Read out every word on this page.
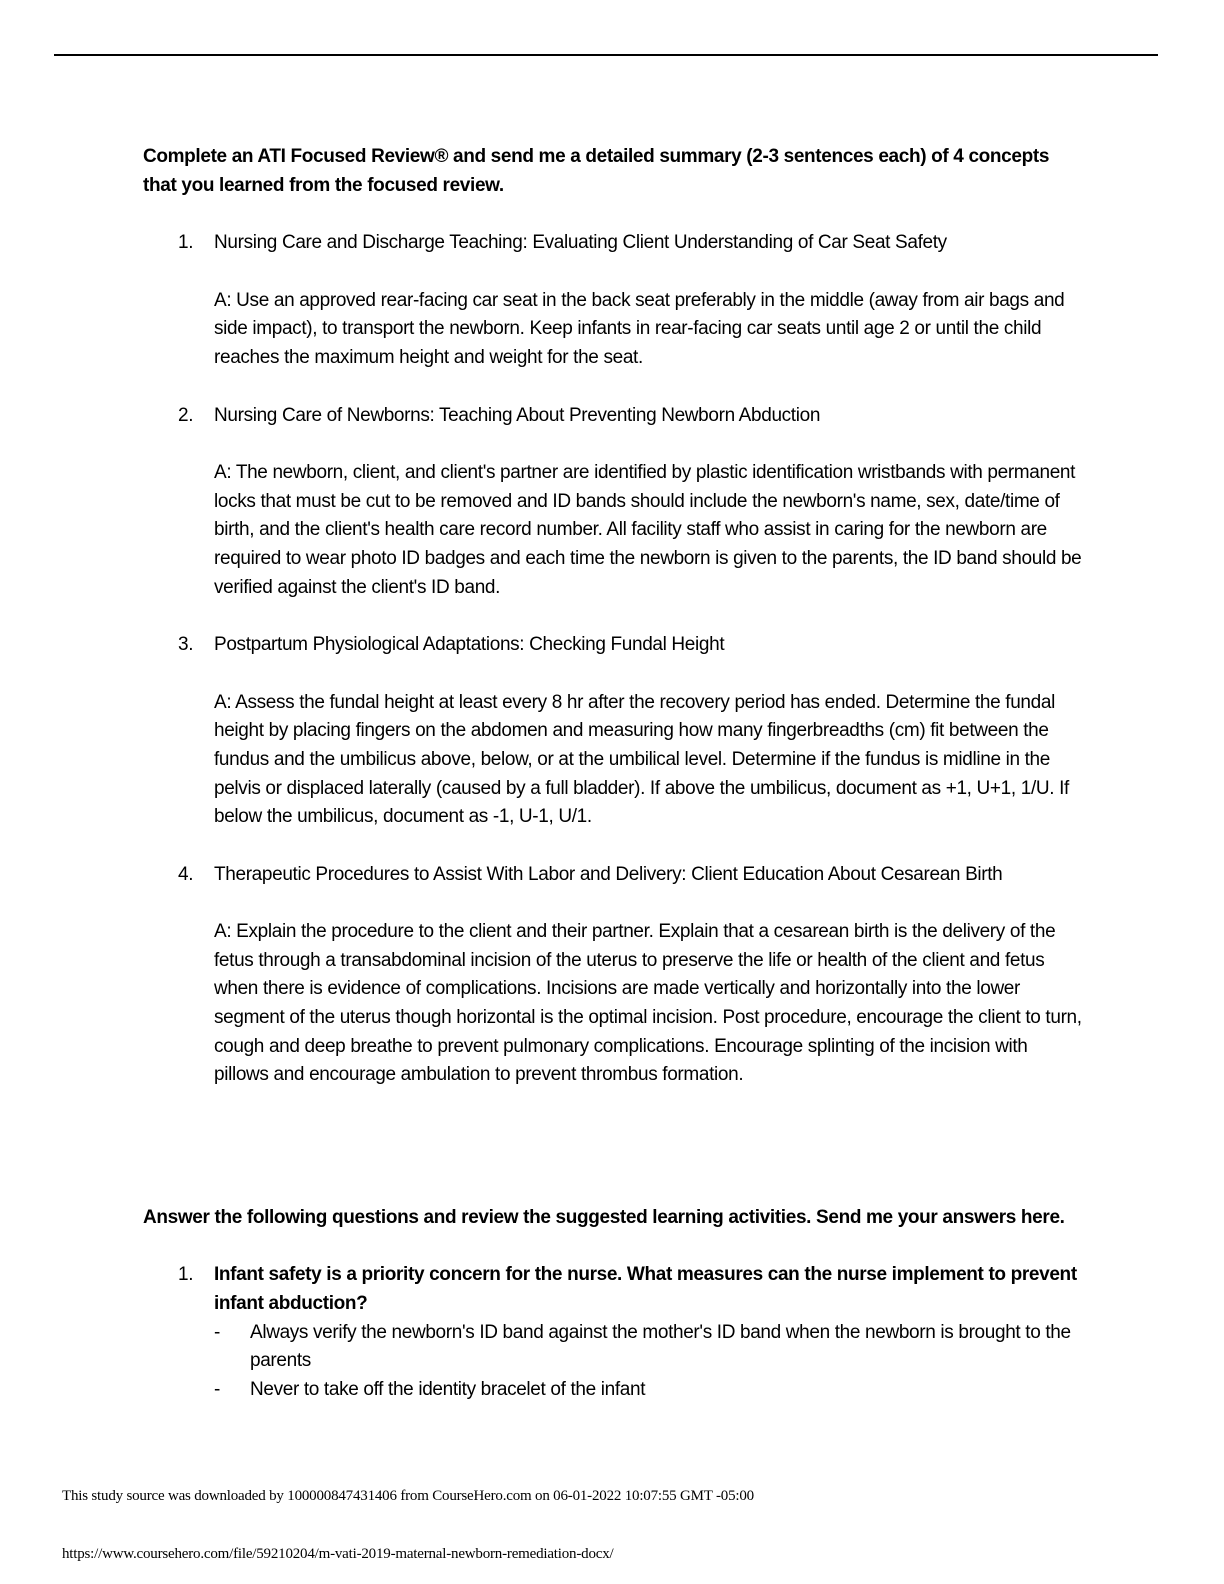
Complete an ATI Focused Review® and send me a detailed summary (2-3 sentences each) of 4 concepts that you learned from the focused review.

1. Nursing Care and Discharge Teaching: Evaluating Client Understanding of Car Seat Safety

A: Use an approved rear-facing car seat in the back seat preferably in the middle (away from air bags and side impact), to transport the newborn. Keep infants in rear-facing car seats until age 2 or until the child reaches the maximum height and weight for the seat.

2. Nursing Care of Newborns: Teaching About Preventing Newborn Abduction

A: The newborn, client, and client's partner are identified by plastic identification wristbands with permanent locks that must be cut to be removed and ID bands should include the newborn's name, sex, date/time of birth, and the client's health care record number. All facility staff who assist in caring for the newborn are required to wear photo ID badges and each time the newborn is given to the parents, the ID band should be verified against the client's ID band.

3. Postpartum Physiological Adaptations: Checking Fundal Height

A: Assess the fundal height at least every 8 hr after the recovery period has ended. Determine the fundal height by placing fingers on the abdomen and measuring how many fingerbreadths (cm) fit between the fundus and the umbilicus above, below, or at the umbilical level. Determine if the fundus is midline in the pelvis or displaced laterally (caused by a full bladder). If above the umbilicus, document as +1, U+1, 1/U. If below the umbilicus, document as -1, U-1, U/1.

4. Therapeutic Procedures to Assist With Labor and Delivery: Client Education About Cesarean Birth

A: Explain the procedure to the client and their partner. Explain that a cesarean birth is the delivery of the fetus through a transabdominal incision of the uterus to preserve the life or health of the client and fetus when there is evidence of complications. Incisions are made vertically and horizontally into the lower segment of the uterus though horizontal is the optimal incision. Post procedure, encourage the client to turn, cough and deep breathe to prevent pulmonary complications. Encourage splinting of the incision with pillows and encourage ambulation to prevent thrombus formation.

Answer the following questions and review the suggested learning activities. Send me your answers here.

1. Infant safety is a priority concern for the nurse. What measures can the nurse implement to prevent infant abduction?

- Always verify the newborn's ID band against the mother's ID band when the newborn is brought to the parents
- Never to take off the identity bracelet of the infant
This study source was downloaded by 100000847431406 from CourseHero.com on 06-01-2022 10:07:55 GMT -05:00
https://www.coursehero.com/file/59210204/m-vati-2019-maternal-newborn-remediation-docx/
